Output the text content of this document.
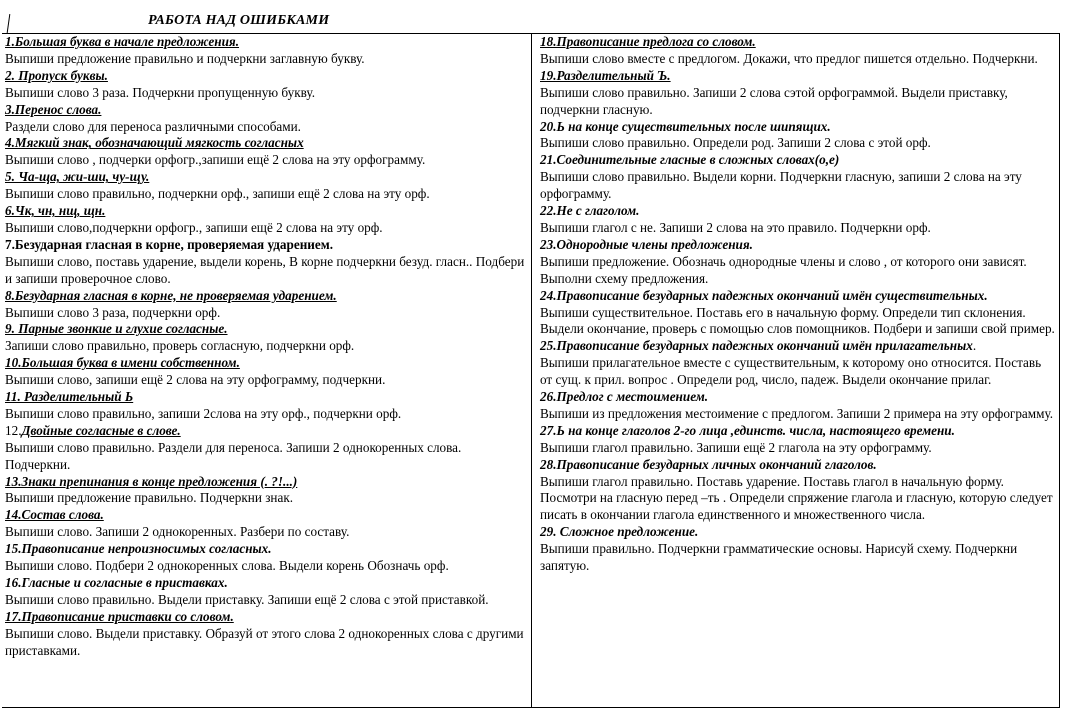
РАБОТА НАД ОШИБКАМИ
1.Большая буква в начале предложения.
Выпиши предложение правильно и подчеркни заглавную букву.
2. Пропуск буквы.
Выпиши слово 3 раза. Подчеркни пропущенную букву.
3.Перенос слова.
Раздели слово для переноса различными способами.
4.Мягкий знак, обозначающий мягкость согласных
Выпиши слово , подчерки орфогр.,запиши ещё 2 слова на эту орфограмму.
5. Ча-ща, жи-ши, чу-щу.
Выпиши слово правильно, подчеркни орф., запиши ещё 2 слова на эту орф.
6.Чк, чн, нщ, щн.
Выпиши слово,подчеркни орфогр., запиши ещё 2 слова на эту орф.
7.Безударная гласная в корне, проверяемая ударением.
Выпиши слово, поставь ударение, выдели корень, В корне подчеркни безуд. гласн.. Подбери и запиши проверочное слово.
8.Безударная гласная в корне, не проверяемая ударением.
Выпиши слово 3 раза, подчеркни орф.
9. Парные звонкие и глухие согласные.
Запиши слово правильно, проверь согласную, подчеркни орф.
10.Большая буква в имени собственном.
Выпиши слово, запиши ещё 2 слова на эту орфограмму, подчеркни.
11. Разделительный Ь
Выпиши слово правильно, запиши 2слова на эту орф., подчеркни орф.
12.Двойные согласные в слове.
Выпиши слово правильно. Раздели для переноса. Запиши 2 однокоренных слова. Подчеркни.
13.Знаки препинания в конце предложения (. ?!...)
Выпиши предложение правильно. Подчеркни знак.
14.Состав слова.
Выпиши слово. Запиши 2 однокоренных. Разбери по составу.
15.Правописание непроизносимых согласных.
Выпиши слово. Подбери 2 однокоренных слова. Выдели корень Обозначь орф.
16.Гласные и согласные в приставках.
Выпиши слово правильно. Выдели приставку. Запиши ещё 2 слова с этой приставкой.
17.Правописание приставки со словом.
Выпиши слово. Выдели приставку. Образуй от этого слова 2 однокоренных слова с другими приставками.
18.Правописание предлога со словом.
Выпиши слово вместе с предлогом. Докажи, что предлог пишется отдельно. Подчеркни.
19.Разделительный Ъ.
Выпиши слово правильно. Запиши 2 слова сэтой орфограммой. Выдели приставку, подчеркни гласную.
20.Ь на конце существительных после шипящих.
Выпиши слово правильно. Определи род. Запиши 2 слова с этой орф.
21.Соединительные гласные в сложных словах(о,е)
Выпиши слово правильно. Выдели корни. Подчеркни гласную, запиши 2 слова на эту орфограмму.
22.Не с глаголом.
Выпиши глагол с не. Запиши 2 слова на это правило. Подчеркни орф.
23.Однородные члены предложения.
Выпиши предложение. Обозначь однородные члены и слово , от которого они зависят. Выполни схему предложения.
24.Правописание безударных падежных окончаний имён существительных.
Выпиши существительное. Поставь его в начальную форму. Определи тип склонения. Выдели окончание, проверь с помощью слов помощников. Подбери и запиши свой пример.
25.Правописание безударных падежных окончаний имён прилагательных.
Выпиши прилагательное вместе с существительным, к которому оно относится. Поставь от сущ. к прил. вопрос . Определи род, число, падеж. Выдели окончание прилаг.
26.Предлог с местоимением.
Выпиши из предложения местоимение с предлогом. Запиши 2 примера на эту орфограмму.
27.Ь на конце глаголов 2-го лица ,единств. числа, настоящего времени.
Выпиши глагол правильно. Запиши ещё 2 глагола на эту орфограмму.
28.Правописание безударных личных окончаний глаголов.
Выпиши глагол правильно. Поставь ударение. Поставь глагол в начальную форму. Посмотри на гласную перед –ть . Определи спряжение глагола и гласную, которую следует писать в окончании глагола единственного и множественного числа.
29. Сложное предложение.
Выпиши правильно. Подчеркни грамматические основы. Нарисуй схему. Подчеркни запятую.
